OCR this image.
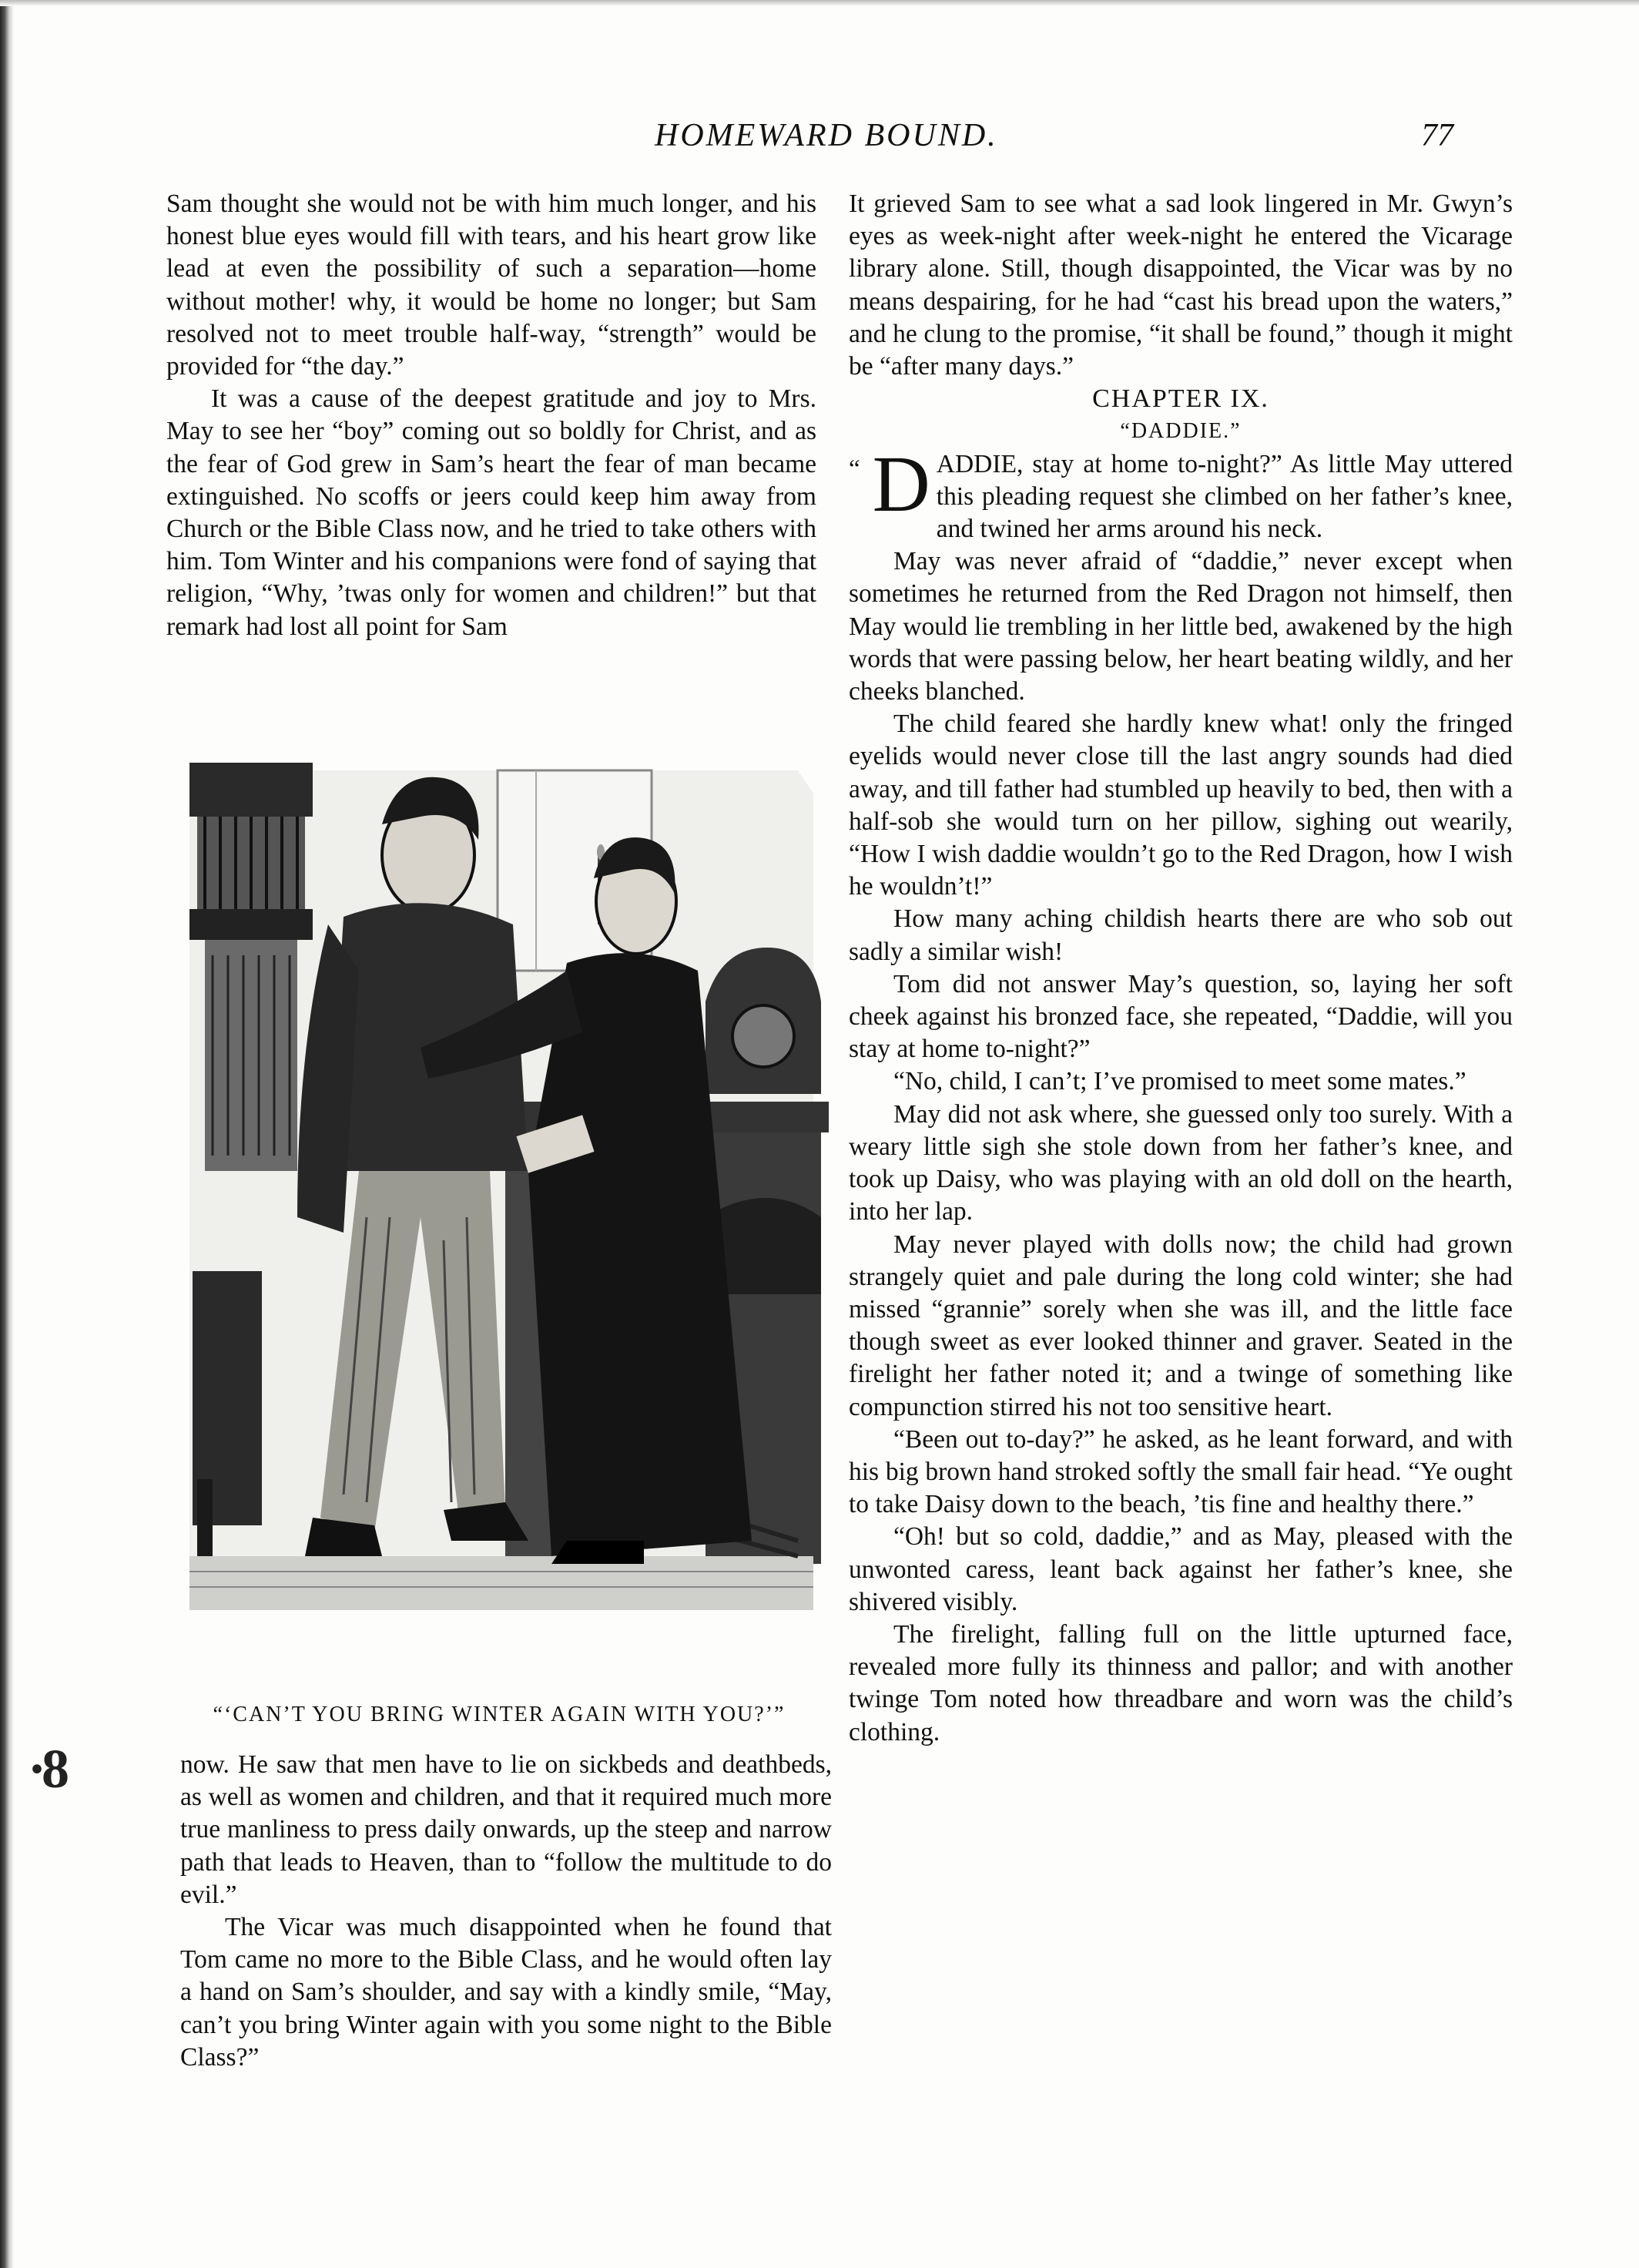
·8
HOMEWARD BOUND.	77

Sam thought she would not be with him much longer, and his honest blue eyes would fill with tears, and his heart grow like lead at even the possibility of such a separation—home without mother! why, it would be home no longer; but Sam resolved not to meet trouble half-way, “strength” would be provided for “the day.”

It was a cause of the deepest gratitude and joy to Mrs. May to see her “boy” coming out so boldly for Christ, and as the fear of God grew in Sam’s heart the fear of man became extinguished. No scoffs or jeers could keep him away from Church or the Bible Class now, and he tried to take others with him. Tom Winter and his companions were fond of saying that religion, “Why, ’twas only for women and children!” but that remark had lost all point for Sam

“‘CAN’T YOU BRING WINTER AGAIN WITH YOU?’”

now. He saw that men have to lie on sickbeds and deathbeds, as well as women and children, and that it required much more true manliness to press daily onwards, up the steep and narrow path that leads to Heaven, than to “follow the multitude to do evil.”

The Vicar was much disappointed when he found that Tom came no more to the Bible Class, and he would often lay a hand on Sam’s shoulder, and say with a kindly smile, “May, can’t you bring Winter again with you some night to the Bible Class?”

It grieved Sam to see what a sad look lingered in Mr. Gwyn’s eyes as week-night after week-night he entered the Vicarage library alone. Still, though disappointed, the Vicar was by no means despairing, for he had “cast his bread upon the waters,” and he clung to the promise, “it shall be found,” though it might be “after many days.”

CHAPTER IX.

“DADDIE.”

“ D ADDIE, stay at home to-night?” As little May uttered this pleading request she climbed on her father’s knee, and twined her arms around his neck.

May was never afraid of “daddie,” never except when sometimes he returned from the Red Dragon not himself, then May would lie trembling in her little bed, awakened by the high words that were passing below, her heart beating wildly, and her cheeks blanched.

The child feared she hardly knew what! only the fringed eyelids would never close till the last angry sounds had died away, and till father had stumbled up heavily to bed, then with a half-sob she would turn on her pillow, sighing out wearily, “How I wish daddie wouldn’t go to the Red Dragon, how I wish he wouldn’t!”

How many aching childish hearts there are who sob out sadly a similar wish!

Tom did not answer May’s question, so, laying her soft cheek against his bronzed face, she repeated, “Daddie, will you stay at home to-night?”

“No, child, I can’t; I’ve promised to meet some mates.”

May did not ask where, she guessed only too surely. With a weary little sigh she stole down from her father’s knee, and took up Daisy, who was playing with an old doll on the hearth, into her lap.

May never played with dolls now; the child had grown strangely quiet and pale during the long cold winter; she had missed “grannie” sorely when she was ill, and the little face though sweet as ever looked thinner and graver. Seated in the firelight her father noted it; and a twinge of something like compunction stirred his not too sensitive heart.

“Been out to-day?” he asked, as he leant forward, and with his big brown hand stroked softly the small fair head. “Ye ought to take Daisy down to the beach, ’tis fine and healthy there.”

“Oh! but so cold, daddie,” and as May, pleased with the unwonted caress, leant back against her father’s knee, she shivered visibly.

The firelight, falling full on the little upturned face, revealed more fully its thinness and pallor; and with another twinge Tom noted how threadbare and worn was the child’s clothing.
